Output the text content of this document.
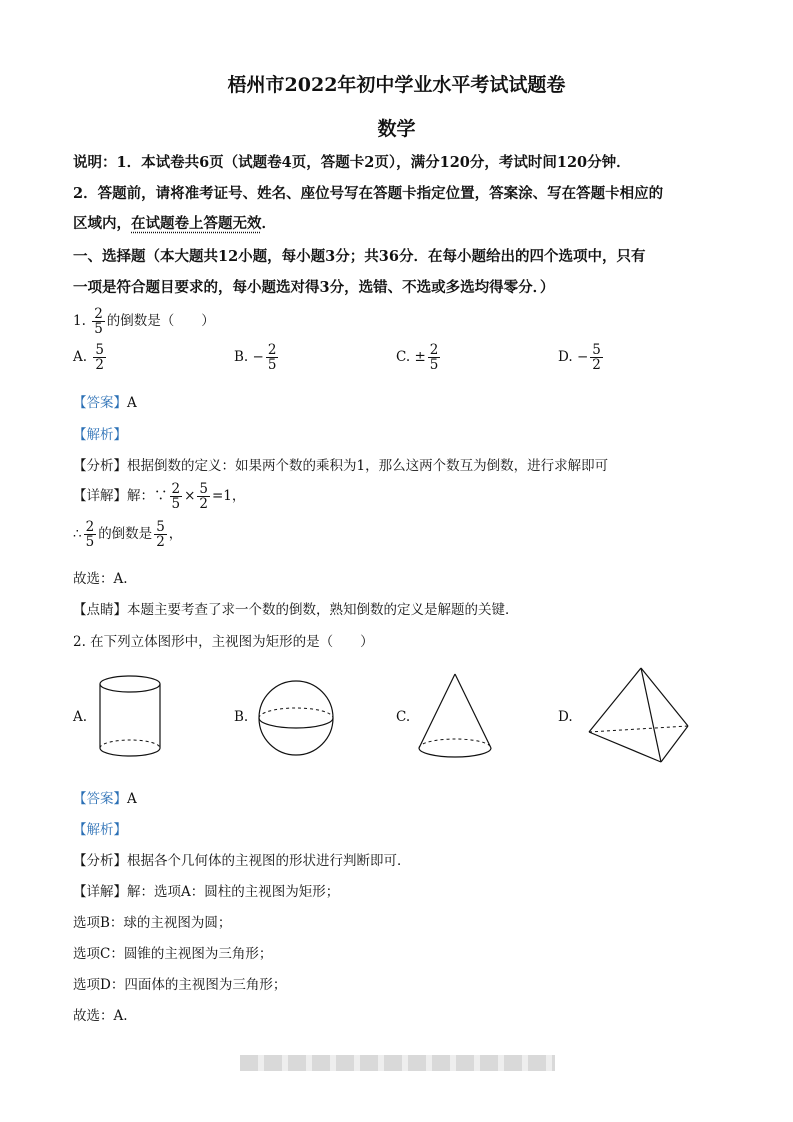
梧州市2022年初中学业水平考试试题卷
数学
说明：1．本试卷共6页（试题卷4页，答题卡2页），满分120分，考试时间120分钟．
2．答题前，请将准考证号、姓名、座位号写在答题卡指定位置，答案涂、写在答题卡相应的
区域内，在试题卷上答题无效．
一、选择题（本大题共12小题，每小题3分；共36分．在每小题给出的四个选项中，只有
一项是符合题目要求的，每小题选对得3分，选错、不选或多选均得零分．）
1. $\frac{2}{5}$ 的倒数是（　　）
A. $\frac{5}{2}$	B. − $\frac{2}{5}$	C. ± $\frac{2}{5}$	D. − $\frac{5}{2}$
【答案】A
【解析】
【分析】根据倒数的定义：如果两个数的乘积为1，那么这两个数互为倒数，进行求解即可
【详解】解：∵ $\frac{2}{5} \times \frac{5}{2} =1$，
∴ $\frac{2}{5}$ 的倒数是 $\frac{5}{2}$ ，
故选：A.
【点睛】本题主要考查了求一个数的倒数，熟知倒数的定义是解题的关键．
2. 在下列立体图形中，主视图为矩形的是（　　）
A.	B.	C.	D.
【答案】A
【解析】
【分析】根据各个几何体的主视图的形状进行判断即可．
【详解】解：选项A：圆柱的主视图为矩形；
选项B：球的主视图为圆；
选项C：圆锥的主视图为三角形；
选项D：四面体的主视图为三角形；
故选：A.
